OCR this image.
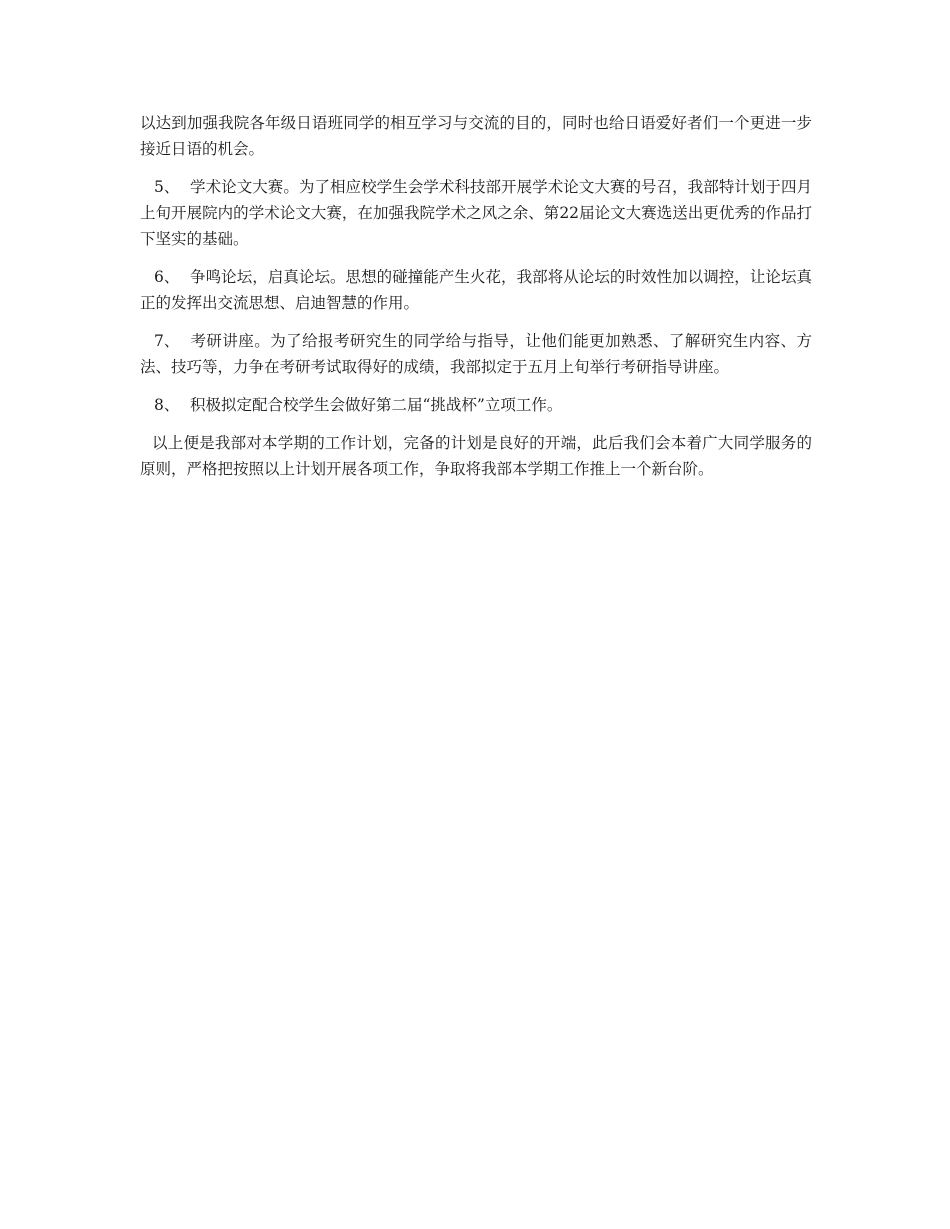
以达到加强我院各年级日语班同学的相互学习与交流的目的，同时也给日语爱好者们一个更进一步接近日语的机会。

5、 学术论文大赛。为了相应校学生会学术科技部开展学术论文大赛的号召，我部特计划于四月上旬开展院内的学术论文大赛，在加强我院学术之风之余、第22届论文大赛选送出更优秀的作品打下坚实的基础。

6、 争鸣论坛，启真论坛。思想的碰撞能产生火花，我部将从论坛的时效性加以调控，让论坛真正的发挥出交流思想、启迪智慧的作用。

7、 考研讲座。为了给报考研究生的同学给与指导，让他们能更加熟悉、了解研究生内容、方法、技巧等，力争在考研考试取得好的成绩，我部拟定于五月上旬举行考研指导讲座。

8、 积极拟定配合校学生会做好第二届“挑战杯”立项工作。

以上便是我部对本学期的工作计划，完备的计划是良好的开端，此后我们会本着广大同学服务的原则，严格把按照以上计划开展各项工作，争取将我部本学期工作推上一个新台阶。
